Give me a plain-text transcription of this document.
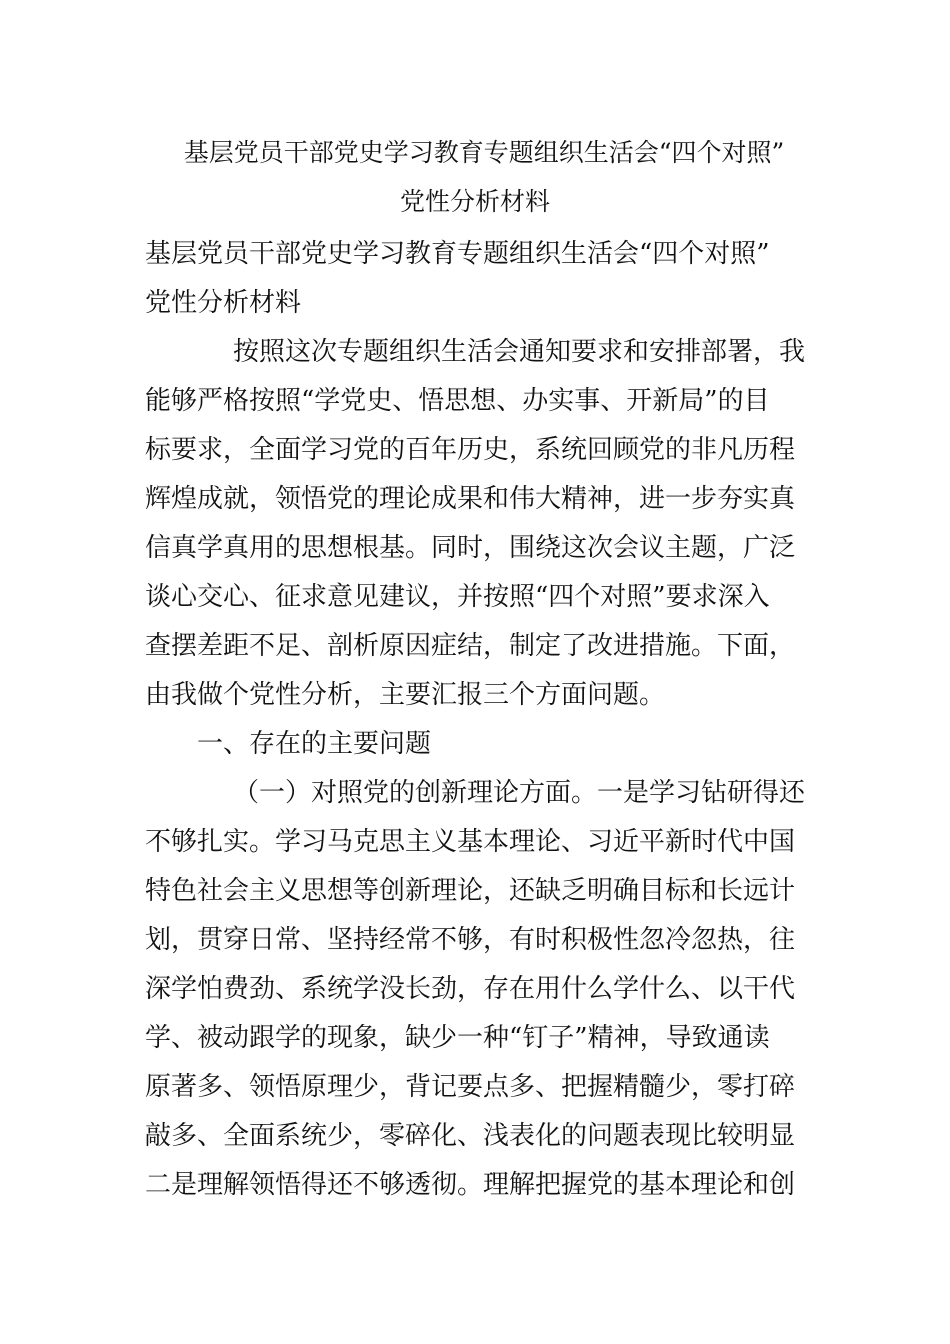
基层党员干部党史学习教育专题组织生活会“四个对照”
党性分析材料
基层党员干部党史学习教育专题组织生活会“四个对照”
党性分析材料
按照这次专题组织生活会通知要求和安排部署，我
能够严格按照“学党史、悟思想、办实事、开新局”的目
标要求，全面学习党的百年历史，系统回顾党的非凡历程
辉煌成就，领悟党的理论成果和伟大精神，进一步夯实真
信真学真用的思想根基。同时，围绕这次会议主题，广泛
谈心交心、征求意见建议，并按照“四个对照”要求深入
查摆差距不足、剖析原因症结，制定了改进措施。下面，
由我做个党性分析，主要汇报三个方面问题。
一、存在的主要问题
（一）对照党的创新理论方面。一是学习钻研得还
不够扎实。学习马克思主义基本理论、习近平新时代中国
特色社会主义思想等创新理论，还缺乏明确目标和长远计
划，贯穿日常、坚持经常不够，有时积极性忽冷忽热，往
深学怕费劲、系统学没长劲，存在用什么学什么、以干代
学、被动跟学的现象，缺少一种“钉子”精神，导致通读
原著多、领悟原理少，背记要点多、把握精髓少，零打碎
敲多、全面系统少，零碎化、浅表化的问题表现比较明显
二是理解领悟得还不够透彻。理解把握党的基本理论和创
